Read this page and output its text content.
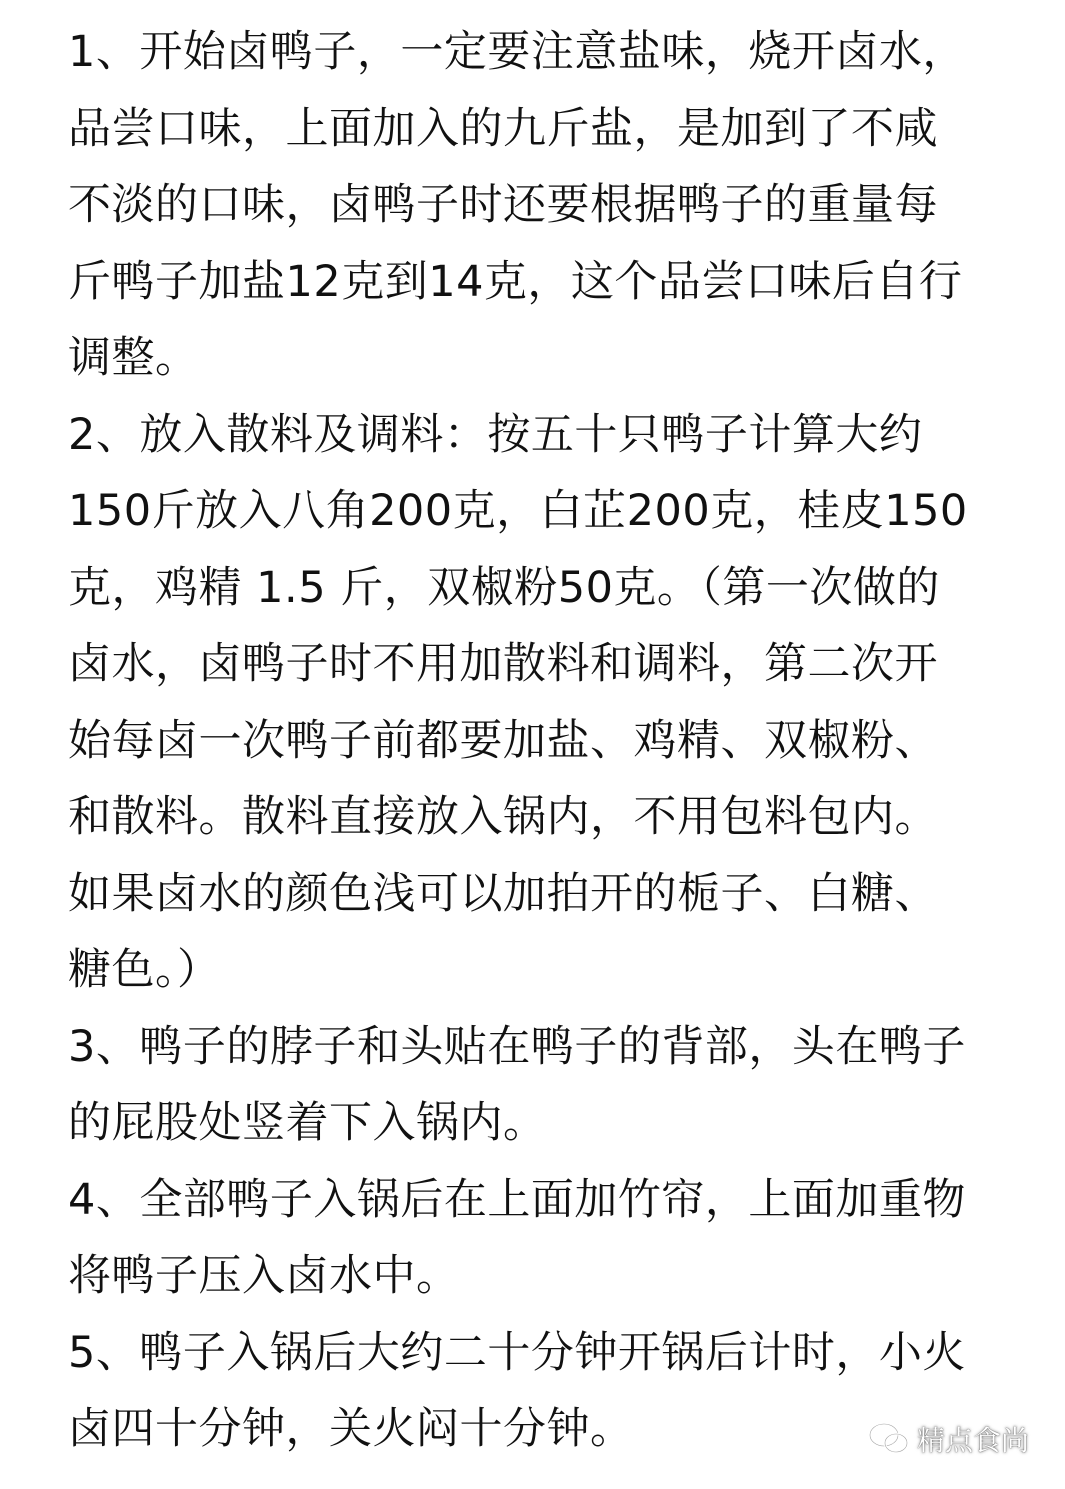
1、开始卤鸭子，一定要注意盐味，烧开卤水，
品尝口味，上面加入的九斤盐，是加到了不咸
不淡的口味，卤鸭子时还要根据鸭子的重量每
斤鸭子加盐12克到14克，这个品尝口味后自行
调整。
2、放入散料及调料：按五十只鸭子计算大约
150斤放入八角200克，白芷200克，桂皮150
克，鸡精 1.5 斤，双椒粉50克。（第一次做的
卤水，卤鸭子时不用加散料和调料，第二次开
始每卤一次鸭子前都要加盐、鸡精、双椒粉、
和散料。散料直接放入锅内，不用包料包内。
如果卤水的颜色浅可以加拍开的栀子、白糖、
糖色。）
3、鸭子的脖子和头贴在鸭子的背部，头在鸭子
的屁股处竖着下入锅内。
4、全部鸭子入锅后在上面加竹帘，上面加重物
将鸭子压入卤水中。
5、鸭子入锅后大约二十分钟开锅后计时，小火
卤四十分钟，关火闷十分钟。	精点食尚
